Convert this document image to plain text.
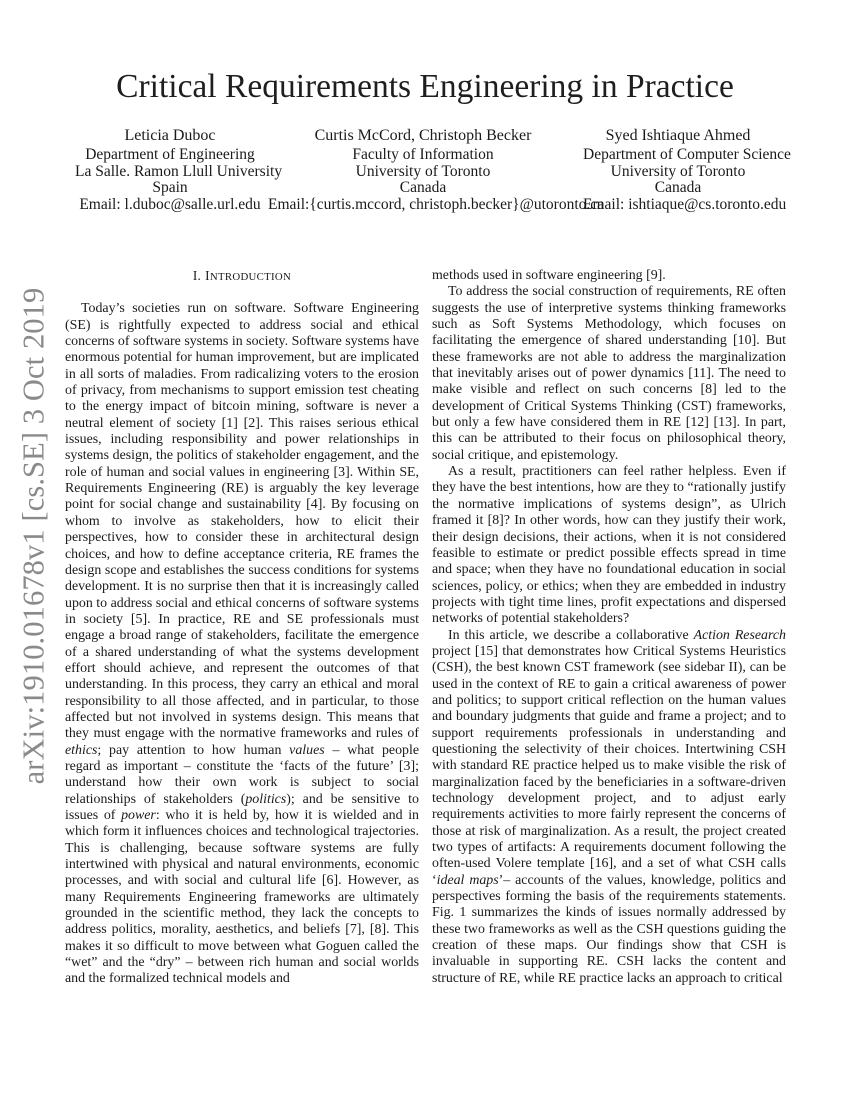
arXiv:1910.01678v1 [cs.SE] 3 Oct 2019
Critical Requirements Engineering in Practice
Leticia Duboc
Department of Engineering
La Salle. Ramon Llull University
Spain
Email: l.duboc@salle.url.edu
Curtis McCord, Christoph Becker
Faculty of Information
University of Toronto
Canada
Email:{curtis.mccord, christoph.becker}@utoronto.ca
Syed Ishtiaque Ahmed
Department of Computer Science
University of Toronto
Canada
Email: ishtiaque@cs.toronto.edu
I. INTRODUCTION

Today’s societies run on software. Software Engineering (SE) is rightfully expected to address social and ethical concerns of software systems in society. Software systems have enormous potential for human improvement, but are implicated in all sorts of maladies. From radicalizing voters to the erosion of privacy, from mechanisms to support emission test cheating to the energy impact of bitcoin mining, software is never a neutral element of society [1] [2]. This raises serious ethical issues, including responsibility and power relationships in systems design, the politics of stakeholder engagement, and the role of human and social values in engineering [3]. Within SE, Requirements Engineering (RE) is arguably the key leverage point for social change and sustainability [4]. By focusing on whom to involve as stakeholders, how to elicit their perspectives, how to consider these in architectural design choices, and how to define acceptance criteria, RE frames the design scope and establishes the success conditions for systems development. It is no surprise then that it is increasingly called upon to address social and ethical concerns of software systems in society [5]. In practice, RE and SE professionals must engage a broad range of stakeholders, facilitate the emergence of a shared understanding of what the systems development effort should achieve, and represent the outcomes of that understanding. In this process, they carry an ethical and moral responsibility to all those affected, and in particular, to those affected but not involved in systems design. This means that they must engage with the normative frameworks and rules of ethics; pay attention to how human values – what people regard as important – constitute the ‘facts of the future’ [3]; understand how their own work is subject to social relationships of stakeholders (politics); and be sensitive to issues of power: who it is held by, how it is wielded and in which form it influences choices and technological trajectories. This is challenging, because software systems are fully intertwined with physical and natural environments, economic processes, and with social and cultural life [6]. However, as many Requirements Engineering frameworks are ultimately grounded in the scientific method, they lack the concepts to address politics, morality, aesthetics, and beliefs [7], [8]. This makes it so difficult to move between what Goguen called the “wet” and the “dry” – between rich human and social worlds and the formalized technical models and

methods used in software engineering [9].

To address the social construction of requirements, RE often suggests the use of interpretive systems thinking frameworks such as Soft Systems Methodology, which focuses on facilitating the emergence of shared understanding [10]. But these frameworks are not able to address the marginalization that inevitably arises out of power dynamics [11]. The need to make visible and reflect on such concerns [8] led to the development of Critical Systems Thinking (CST) frameworks, but only a few have considered them in RE [12] [13]. In part, this can be attributed to their focus on philosophical theory, social critique, and epistemology.

As a result, practitioners can feel rather helpless. Even if they have the best intentions, how are they to “rationally justify the normative implications of systems design”, as Ulrich framed it [8]? In other words, how can they justify their work, their design decisions, their actions, when it is not considered feasible to estimate or predict possible effects spread in time and space; when they have no foundational education in social sciences, policy, or ethics; when they are embedded in industry projects with tight time lines, profit expectations and dispersed networks of potential stakeholders?

In this article, we describe a collaborative Action Research project [15] that demonstrates how Critical Systems Heuristics (CSH), the best known CST framework (see sidebar II), can be used in the context of RE to gain a critical awareness of power and politics; to support critical reflection on the human values and boundary judgments that guide and frame a project; and to support requirements professionals in understanding and questioning the selectivity of their choices. Intertwining CSH with standard RE practice helped us to make visible the risk of marginalization faced by the beneficiaries in a software-driven technology development project, and to adjust early requirements activities to more fairly represent the concerns of those at risk of marginalization. As a result, the project created two types of artifacts: A requirements document following the often-used Volere template [16], and a set of what CSH calls ‘ideal maps’– accounts of the values, knowledge, politics and perspectives forming the basis of the requirements statements. Fig. 1 summarizes the kinds of issues normally addressed by these two frameworks as well as the CSH questions guiding the creation of these maps. Our findings show that CSH is invaluable in supporting RE. CSH lacks the content and structure of RE, while RE practice lacks an approach to critical
